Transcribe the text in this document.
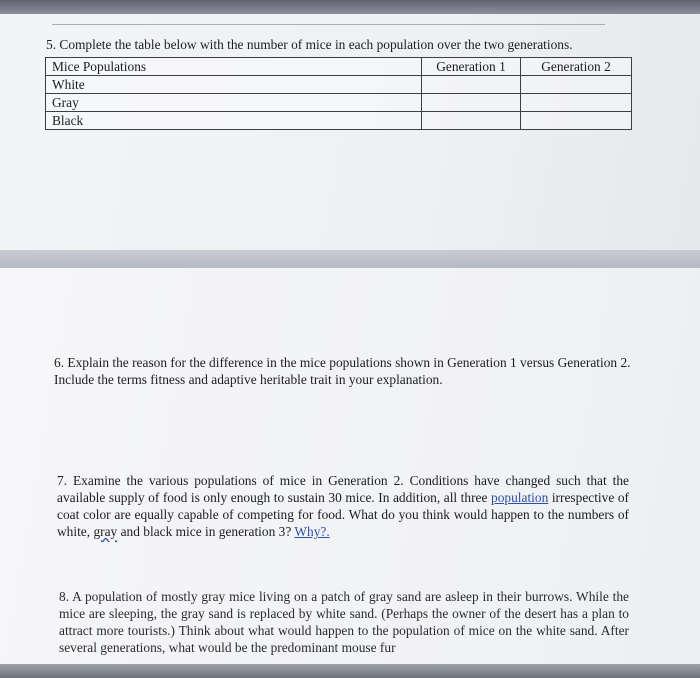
5. Complete the table below with the number of mice in each population over the two generations.

Mice Populations	Generation 1	Generation 2
White		
Gray		
Black		

6. Explain the reason for the difference in the mice populations shown in Generation 1 versus Generation 2. Include the terms fitness and adaptive heritable trait in your explanation.

7. Examine the various populations of mice in Generation 2. Conditions have changed such that the available supply of food is only enough to sustain 30 mice. In addition, all three population irrespective of coat color are equally capable of competing for food. What do you think would happen to the numbers of white, gray and black mice in generation 3? Why?.

8. A population of mostly gray mice living on a patch of gray sand are asleep in their burrows. While the mice are sleeping, the gray sand is replaced by white sand. (Perhaps the owner of the desert has a plan to attract more tourists.) Think about what would happen to the population of mice on the white sand. After several generations, what would be the predominant mouse fur
